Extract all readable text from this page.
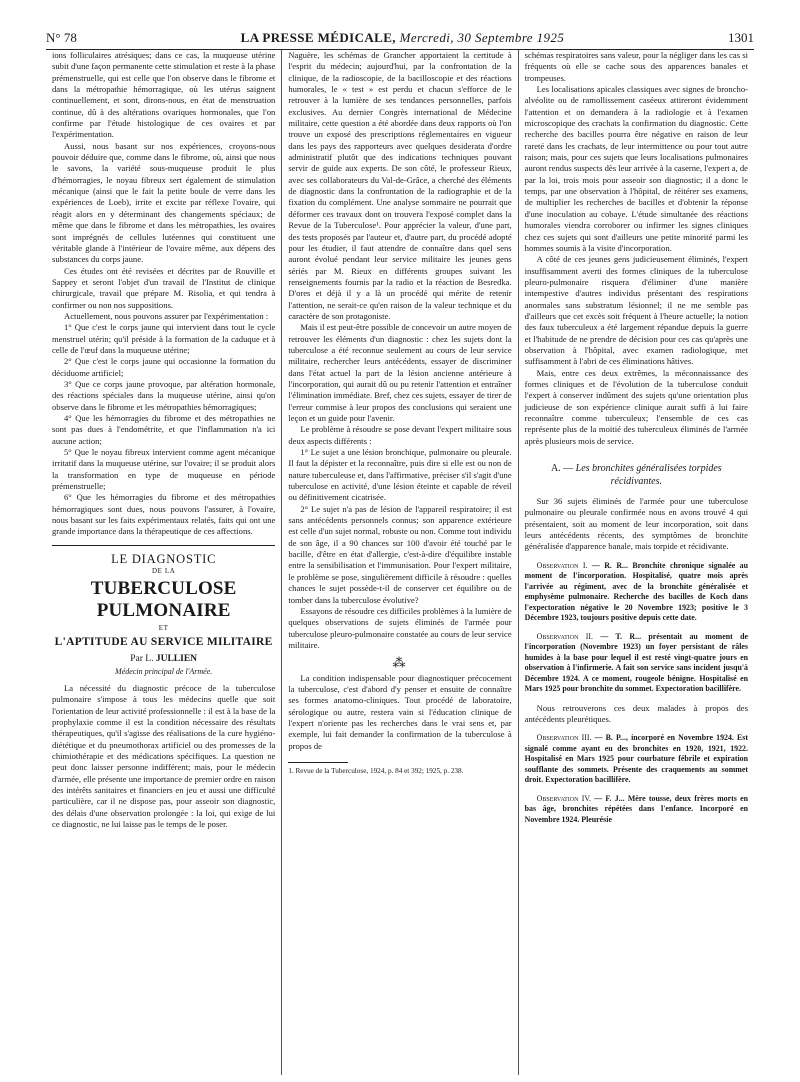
N° 78	LA PRESSE MÉDICALE, Mercredi, 30 Septembre 1925	1301

ions folliculaires atrésiques; dans ce cas, la muqueuse utérine subit d'une façon permanente cette stimulation et reste à la phase prémenstruelle, qui est celle que l'on observe dans le fibrome et dans la métropathie hémorragique, où les utérus saignent continuellement, et sont, dirons-nous, en état de menstruation continue, dû à des altérations ovariques hormonales, que l'on confirme par l'étude histologique de ces ovaires et par l'expérimentation.

Aussi, nous basant sur nos expériences, croyons-nous pouvoir déduire que, comme dans le fibrome, où, ainsi que nous le savons, la variété sous-muqueuse produit le plus d'hémorragies, le noyau fibreux sert également de stimulation mécanique (ainsi que le fait la petite boule de verre dans les expériences de Loeb), irrite et excite par réflexe l'ovaire, qui réagit alors en y déterminant des changements spéciaux; de même que dans le fibrome et dans les métropathies, les ovaires sont imprégnés de cellules lutéennes qui constituent une véritable glande à l'intérieur de l'ovaire même, aux dépens des substances du corps jaune.

Ces études ont été revisées et décrites par de Rouville et Sappey et seront l'objet d'un travail de l'Institut de clinique chirurgicale, travail que prépare M. Risolia, et qui tendra à confirmer ou non nos suppositions.

Actuellement, nous pouvons assurer par l'expérimentation :

1° Que c'est le corps jaune qui intervient dans tout le cycle menstruel utérin; qu'il préside à la formation de la caduque et à celle de l'œuf dans la muqueuse utérine;

2° Que c'est le corps jaune qui occasionne la formation du déciduome artificiel;

3° Que ce corps jaune provoque, par altération hormonale, des réactions spéciales dans la muqueuse utérine, ainsi qu'on observe dans le fibrome et les métropathies hémorragiques;

4° Que les hémorragies du fibrome et des métropathies ne sont pas dues à l'endométrite, et que l'inflammation n'a ici aucune action;

5° Que le noyau fibreux intervient comme agent mécanique irritatif dans la muqueuse utérine, sur l'ovaire; il se produit alors la transformation en type de muqueuse en période prémenstruelle;

6° Que les hémorragies du fibrome et des métropathies hémorragiques sont dues, nous pouvons l'assurer, à l'ovaire, nous basant sur les faits expérimentaux relatés, faits qui ont une grande importance dans la thérapeutique de ces affections.

LE DIAGNOSTIC
DE LA
TUBERCULOSE PULMONAIRE
ET
L'APTITUDE AU SERVICE MILITAIRE
Par L. JULLIEN
Médecin principal de l'Armée.

La nécessité du diagnostic précoce de la tuberculose pulmonaire s'impose à tous les médecins quelle que soit l'orientation de leur activité professionnelle : il est à la base de la prophylaxie comme il est la condition nécessaire des résultats thérapeutiques, qu'il s'agisse des réalisations de la cure hygiéno-diététique et du pneumothorax artificiel ou des promesses de la chimiothérapie et des médications spécifiques. La question ne peut donc laisser personne indifférent; mais, pour le médecin d'armée, elle présente une importance de premier ordre en raison des intérêts sanitaires et financiers en jeu et aussi une difficulté particulière, car il ne dispose pas, pour asseoir son diagnostic, des délais d'une observation prolongée : la loi, qui exige de lui ce diagnostic, ne lui laisse pas le temps de le poser.

Naguère, les schémas de Grancher apportaient la certitude à l'esprit du médecin; aujourd'hui, par la confrontation de la clinique, de la radioscopie, de la bacilloscopie et des réactions humorales, le « test » est perdu et chacun s'efforce de le retrouver à la lumière de ses tendances personnelles, parfois exclusives. Au dernier Congrès international de Médecine militaire, cette question a été abordée dans deux rapports où l'on trouve un exposé des prescriptions réglementaires en vigueur dans les pays des rapporteurs avec quelques desiderata d'ordre administratif plutôt que des indications techniques pouvant servir de guide aux experts. De son côté, le professeur Rieux, avec ses collaborateurs du Val-de-Grâce, a cherché des éléments de diagnostic dans la confrontation de la radiographie et de la fixation du complément. Une analyse sommaire ne pourrait que déformer ces travaux dont on trouvera l'exposé complet dans la Revue de la Tuberculose¹. Pour apprécier la valeur, d'une part, des tests proposés par l'auteur et, d'autre part, du procédé adopté pour les étudier, il faut attendre de connaître dans quel sens auront évolué pendant leur service militaire les jeunes gens sériés par M. Rieux en différents groupes suivant les renseignements fournis par la radio et la réaction de Besredka. D'ores et déjà il y a là un procédé qui mérite de retenir l'attention, ne serait-ce qu'en raison de la valeur technique et du caractère de son protagoniste.

Mais il est peut-être possible de concevoir un autre moyen de retrouver les éléments d'un diagnostic : chez les sujets dont la tuberculose a été reconnue seulement au cours de leur service militaire, rechercher leurs antécédents, essayer de discriminer dans l'état actuel la part de la lésion ancienne antérieure à l'incorporation, qui aurait dû ou pu retenir l'attention et entraîner l'élimination immédiate. Bref, chez ces sujets, essayer de tirer de l'erreur commise à leur propos des conclusions qui seraient une leçon et un guide pour l'avenir.

Le problème à résoudre se pose devant l'expert militaire sous deux aspects différents :

1° Le sujet a une lésion bronchique, pulmonaire ou pleurale. Il faut la dépister et la reconnaître, puis dire si elle est ou non de nature tuberculeuse et, dans l'affirmative, préciser s'il s'agit d'une tuberculose en activité, d'une lésion éteinte et capable de réveil ou définitivement cicatrisée.

2° Le sujet n'a pas de lésion de l'appareil respiratoire; il est sans antécédents personnels connus; son apparence extérieure est celle d'un sujet normal, robuste ou non. Comme tout individu de son âge, il a 90 chances sur 100 d'avoir été touché par le bacille, d'être en état d'allergie, c'est-à-dire d'équilibre instable entre la sensibilisation et l'immunisation. Pour l'expert militaire, le problème se pose, singulièrement difficile à résoudre : quelles chances le sujet possède-t-il de conserver cet équilibre ou de tomber dans la tuberculose évolutive?

Essayons de résoudre ces difficiles problèmes à la lumière de quelques observations de sujets éliminés de l'armée pour tuberculose pleuro-pulmonaire constatée au cours de leur service militaire.

⁂

La condition indispensable pour diagnostiquer précocement la tuberculose, c'est d'abord d'y penser et ensuite de connaître ses formes anatomo-cliniques. Tout procédé de laboratoire, sérologique ou autre, restera vain si l'éducation clinique de l'expert n'oriente pas les recherches dans le vrai sens et, par exemple, lui fait demander la confirmation de la tuberculose à propos de

1. Revue de la Tuberculose, 1924, p. 84 et 392; 1925, p. 238.

schémas respiratoires sans valeur, pour la négliger dans les cas si fréquents où elle se cache sous des apparences banales et trompeuses.

Les localisations apicales classiques avec signes de broncho-alvéolite ou de ramollissement caséeux attireront évidemment l'attention et on demandera à la radiologie et à l'examen microscopique des crachats la confirmation du diagnostic. Cette recherche des bacilles pourra être négative en raison de leur rareté dans les crachats, de leur intermittence ou pour tout autre raison; mais, pour ces sujets que leurs localisations pulmonaires auront rendus suspects dès leur arrivée à la caserne, l'expert a, de par la loi, trois mois pour asseoir son diagnostic; il a donc le temps, par une observation à l'hôpital, de réitérer ses examens, de multiplier les recherches de bacilles et d'obtenir la réponse d'une inoculation au cobaye. L'étude simultanée des réactions humorales viendra corroborer ou infirmer les signes cliniques chez ces sujets qui sont d'ailleurs une petite minorité parmi les hommes soumis à la visite d'incorporation.

A côté de ces jeunes gens judicieusement éliminés, l'expert insuffisamment averti des formes cliniques de la tuberculose pleuro-pulmonaire risquera d'éliminer d'une manière intempestive d'autres individus présentant des respirations anormales sans substratum lésionnel; il ne me semble pas d'ailleurs que cet excès soit fréquent à l'heure actuelle; la notion des faux tuberculeux a été largement répandue depuis la guerre et l'habitude de ne prendre de décision pour ces cas qu'après une observation à l'hôpital, avec examen radiologique, met suffisamment à l'abri de ces éliminations hâtives.

Mais, entre ces deux extrêmes, la méconnaissance des formes cliniques et de l'évolution de la tuberculose conduit l'expert à conserver indûment des sujets qu'une orientation plus judicieuse de son expérience clinique aurait suffi à lui faire reconnaître comme tuberculeux; l'ensemble de ces cas représente plus de la moitié des tuberculeux éliminés de l'armée après plusieurs mois de service.

A. — Les bronchites généralisées torpides récidivantes.

Sur 36 sujets éliminés de l'armée pour une tuberculose pulmonaire ou pleurale confirmée nous en avons trouvé 4 qui présentaient, soit au moment de leur incorporation, soit dans leurs antécédents récents, des symptômes de bronchite généralisée d'apparence banale, mais torpide et récidivante.

Observation I. — R. R... Bronchite chronique signalée au moment de l'incorporation. Hospitalisé, quatre mois après l'arrivée au régiment, avec de la bronchite généralisée et emphysème pulmonaire. Recherche des bacilles de Koch dans l'expectoration négative le 20 Novembre 1923; positive le 3 Décembre 1923, toujours positive depuis cette date.

Observation II. — T. R... présentait au moment de l'incorporation (Novembre 1923) un foyer persistant de râles humides à la base pour lequel il est resté vingt-quatre jours en observation à l'infirmerie. A fait son service sans incident jusqu'à Décembre 1924. A ce moment, rougeole bénigne. Hospitalisé en Mars 1925 pour bronchite du sommet. Expectoration bacillifère.

Nous retrouverons ces deux malades à propos des antécédents pleurétiques.

Observation III. — B. P..., incorporé en Novembre 1924. Est signalé comme ayant eu des bronchites en 1920, 1921, 1922. Hospitalisé en Mars 1925 pour courbature fébrile et expiration soufflante des sommets. Présente des craquements au sommet droit. Expectoration bacillifère.

Observation IV. — F. J... Mère tousse, deux frères morts en bas âge, bronchites répétées dans l'enfance. Incorporé en Novembre 1924. Pleurésie
